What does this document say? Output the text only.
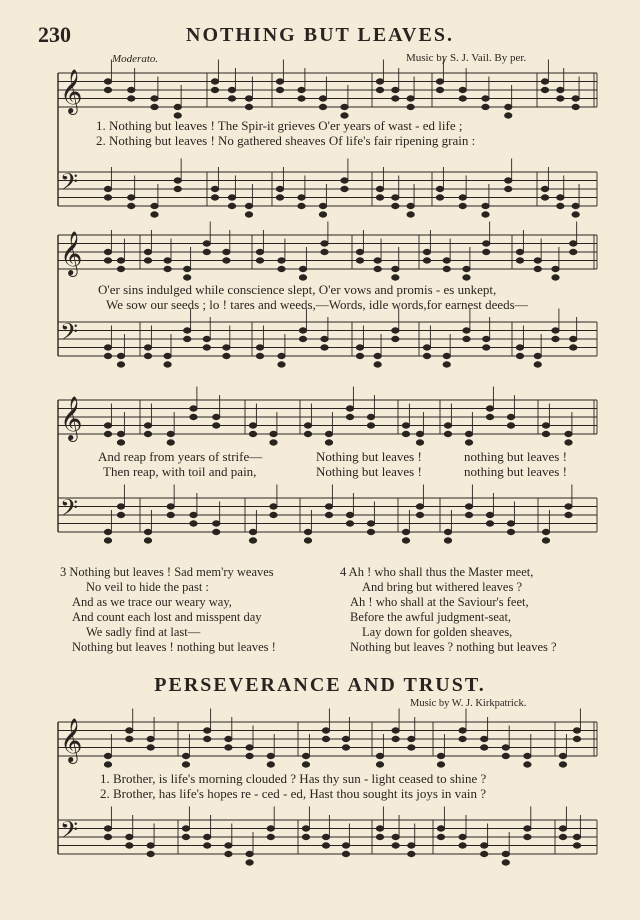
230	NOTHING BUT LEAVES.
Moderato.	Music by S. J. Vail. By per.
𝄞
𝄢
𝄞
𝄢
𝄞
𝄢
𝄞
𝄢
1. Nothing but leaves ! The Spir-it grieves O'er years of wast - ed life ;
2. Nothing but leaves ! No gathered sheaves Of life's fair ripening grain :
O'er sins indulged while conscience slept, O'er vows and promis - es unkept,
We sow our seeds ; lo ! tares and weeds,—Words, idle words,for earnest deeds—
And reap from years of strife—	Nothing but leaves !	nothing but leaves !
Then reap, with toil and pain,	Nothing but leaves !	nothing but leaves !
3 Nothing but leaves ! Sad mem'ry weaves
No veil to hide the past :
And as we trace our weary way,
And count each lost and misspent day
We sadly find at last—
Nothing but leaves ! nothing but leaves !
4 Ah ! who shall thus the Master meet,
And bring but withered leaves ?
Ah ! who shall at the Saviour's feet,
Before the awful judgment-seat,
Lay down for golden sheaves,
Nothing but leaves ? nothing but leaves ?
PERSEVERANCE AND TRUST.
Music by W. J. Kirkpatrick.
1. Brother, is life's morning clouded ? Has thy sun - light ceased to shine ?
2. Brother, has life's hopes re - ced - ed, Hast thou sought its joys in vain ?
